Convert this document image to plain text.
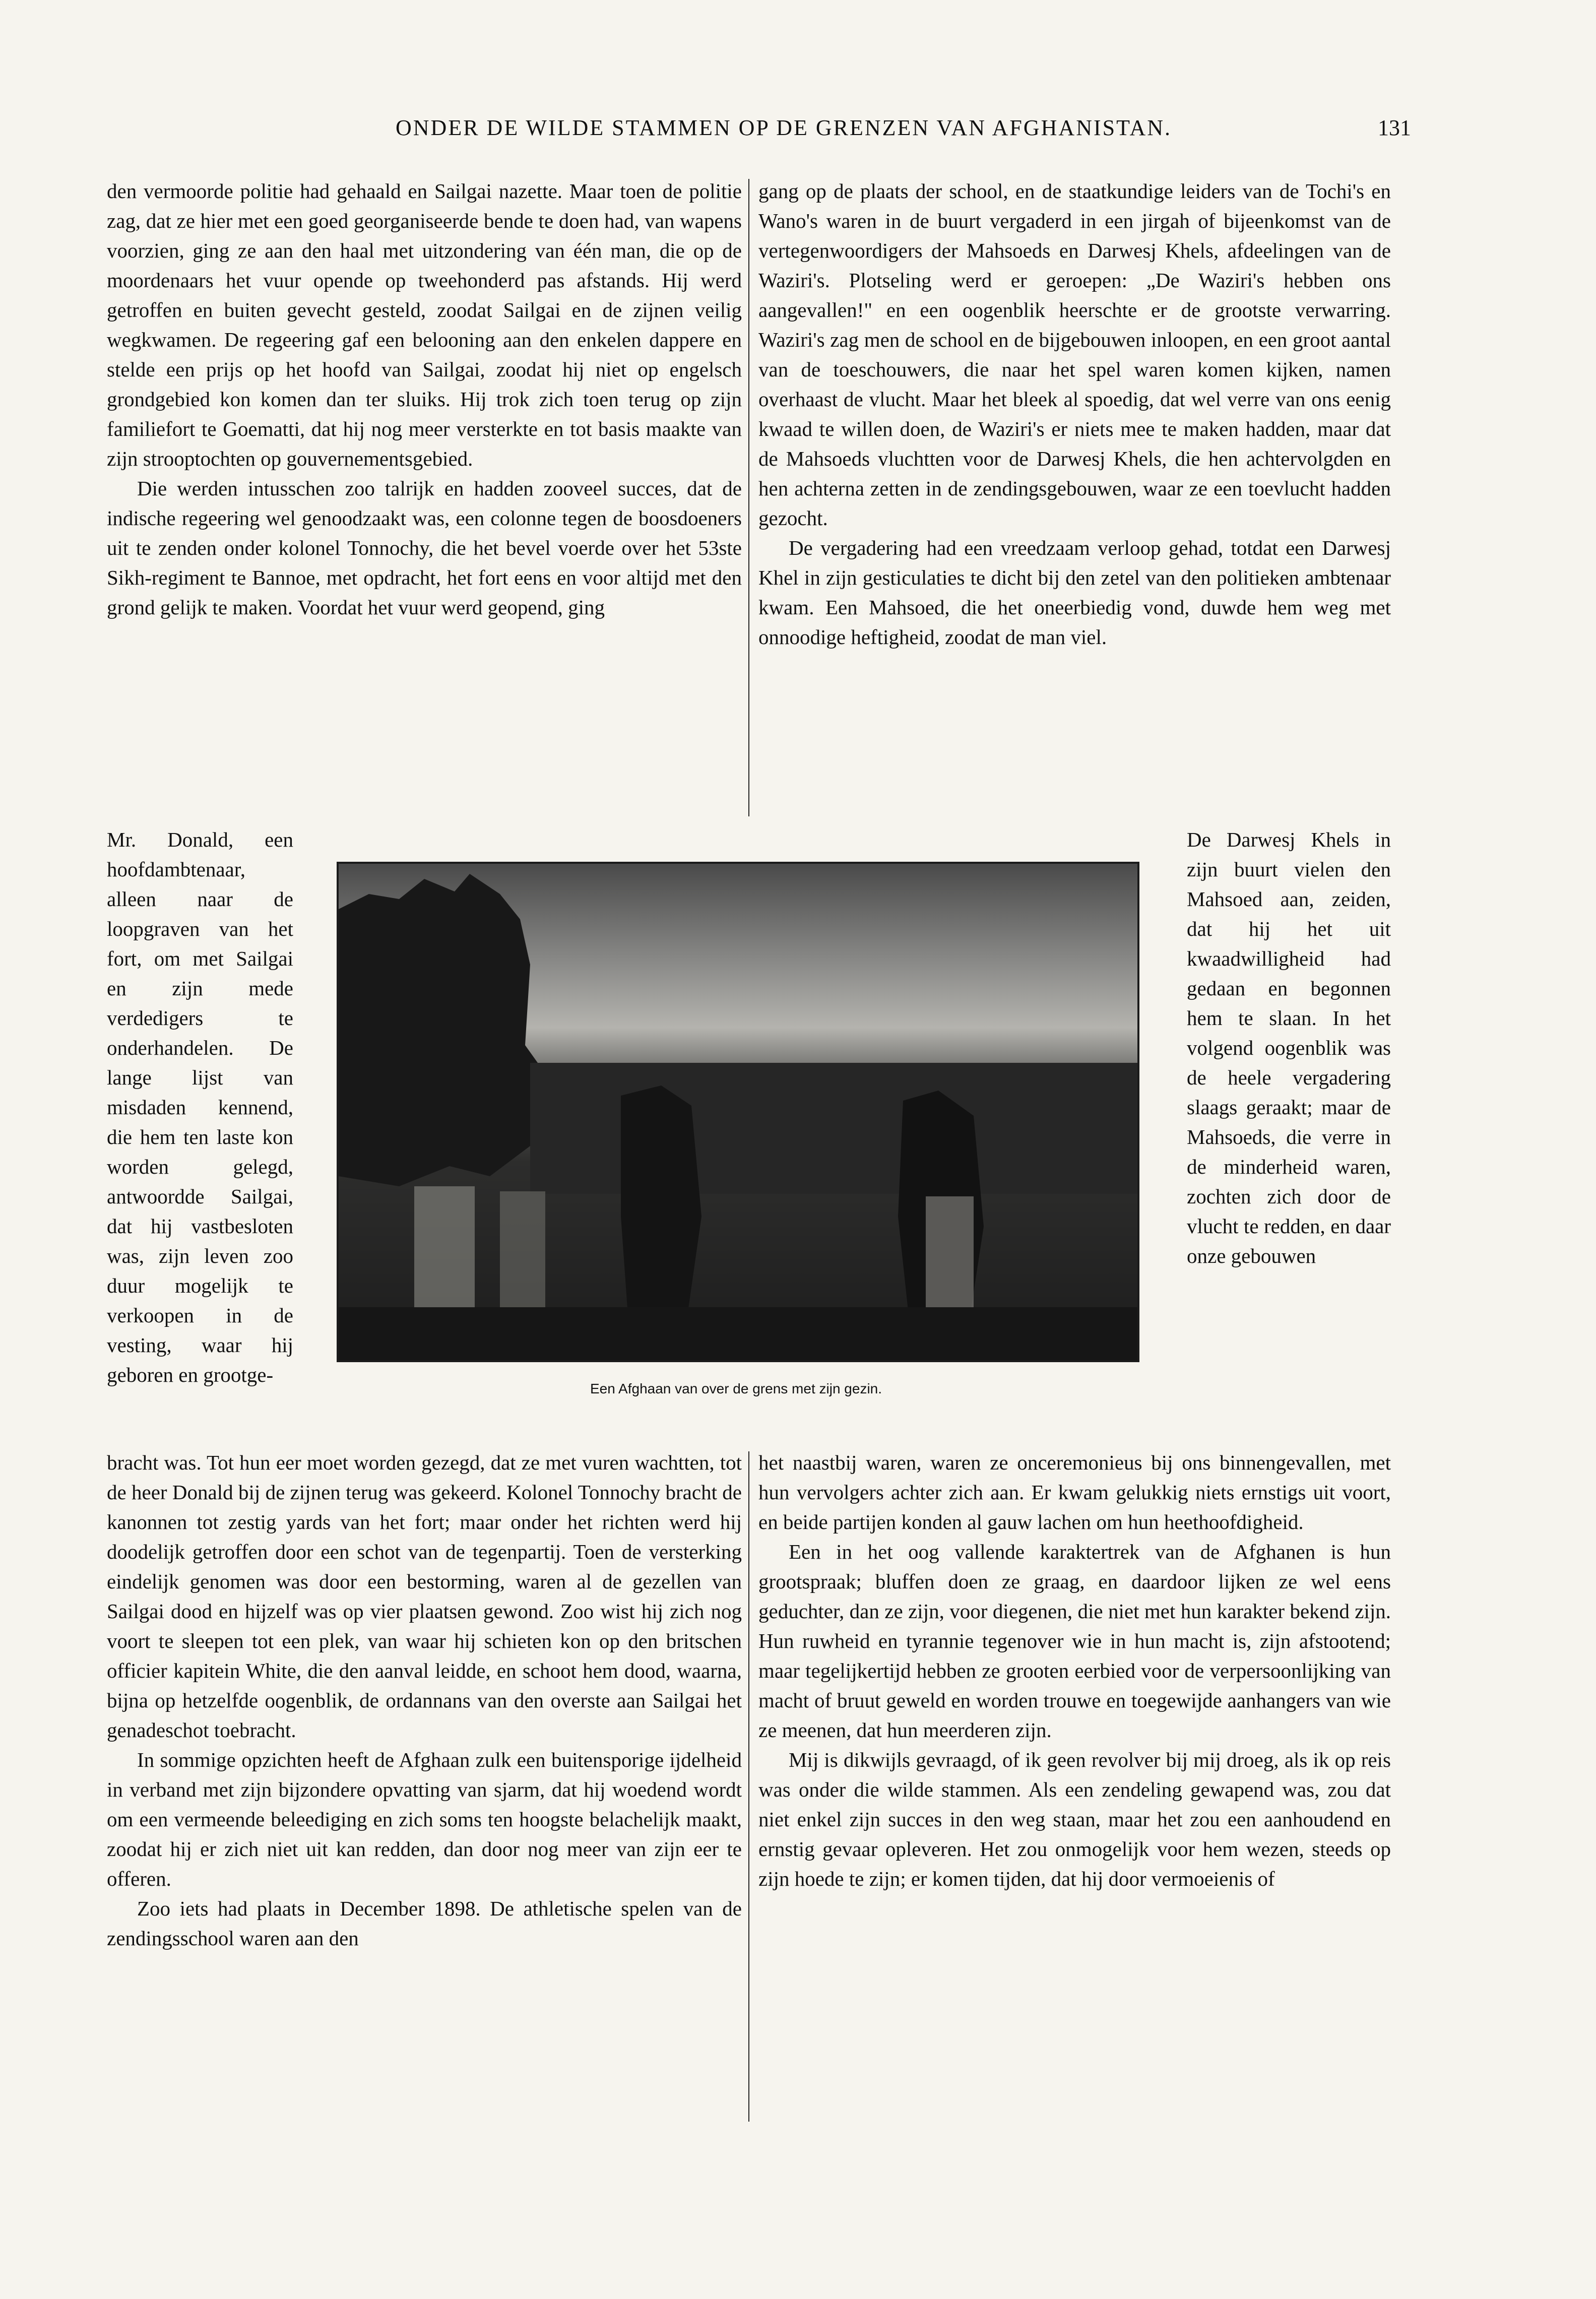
ONDER DE WILDE STAMMEN OP DE GRENZEN VAN AFGHANISTAN.	131

den vermoorde politie had gehaald en Sailgai nazette. Maar toen de politie zag, dat ze hier met een goed georganiseerde bende te doen had, van wapens voorzien, ging ze aan den haal met uitzondering van één man, die op de moordenaars het vuur opende op tweehonderd pas afstands. Hij werd getroffen en buiten gevecht gesteld, zoodat Sailgai en de zijnen veilig wegkwamen. De regeering gaf een belooning aan den enkelen dappere en stelde een prijs op het hoofd van Sailgai, zoodat hij niet op engelsch grondgebied kon komen dan ter sluiks. Hij trok zich toen terug op zijn familiefort te Goematti, dat hij nog meer versterkte en tot basis maakte van zijn strooptochten op gouvernementsgebied.

Die werden intusschen zoo talrijk en hadden zooveel succes, dat de indische regeering wel genoodzaakt was, een colonne tegen de boosdoeners uit te zenden onder kolonel Tonnochy, die het bevel voerde over het 53ste Sikh-regiment te Bannoe, met opdracht, het fort eens en voor altijd met den grond gelijk te maken. Voordat het vuur werd geopend, ging

Mr. Donald, een hoofdambtenaar, alleen naar de loopgraven van het fort, om met Sailgai en zijn mede verdedigers te onderhandelen. De lange lijst van misdaden kennend, die hem ten laste kon worden gelegd, antwoordde Sailgai, dat hij vastbesloten was, zijn leven zoo duur mogelijk te verkoopen in de vesting, waar hij geboren en grootge-

bracht was. Tot hun eer moet worden gezegd, dat ze met vuren wachtten, tot de heer Donald bij de zijnen terug was gekeerd. Kolonel Tonnochy bracht de kanonnen tot zestig yards van het fort; maar onder het richten werd hij doodelijk getroffen door een schot van de tegenpartij. Toen de versterking eindelijk genomen was door een bestorming, waren al de gezellen van Sailgai dood en hijzelf was op vier plaatsen gewond. Zoo wist hij zich nog voort te sleepen tot een plek, van waar hij schieten kon op den britschen officier kapitein White, die den aanval leidde, en schoot hem dood, waarna, bijna op hetzelfde oogenblik, de ordannans van den overste aan Sailgai het genadeschot toebracht.

In sommige opzichten heeft de Afghaan zulk een buitensporige ijdelheid in verband met zijn bijzondere opvatting van sjarm, dat hij woedend wordt om een vermeende beleediging en zich soms ten hoogste belachelijk maakt, zoodat hij er zich niet uit kan redden, dan door nog meer van zijn eer te offeren.

Zoo iets had plaats in December 1898. De athletische spelen van de zendingsschool waren aan den

gang op de plaats der school, en de staatkundige leiders van de Tochi's en Wano's waren in de buurt vergaderd in een jirgah of bijeenkomst van de vertegenwoordigers der Mahsoeds en Darwesj Khels, afdeelingen van de Waziri's. Plotseling werd er geroepen: „De Waziri's hebben ons aangevallen!" en een oogenblik heerschte er de grootste verwarring. Waziri's zag men de school en de bijgebouwen inloopen, en een groot aantal van de toeschouwers, die naar het spel waren komen kijken, namen overhaast de vlucht. Maar het bleek al spoedig, dat wel verre van ons eenig kwaad te willen doen, de Waziri's er niets mee te maken hadden, maar dat de Mahsoeds vluchtten voor de Darwesj Khels, die hen achtervolgden en hen achterna zetten in de zendingsgebouwen, waar ze een toevlucht hadden gezocht.

De vergadering had een vreedzaam verloop gehad, totdat een Darwesj Khel in zijn gesticulaties te dicht bij den zetel van den politieken ambtenaar kwam. Een Mahsoed, die het oneerbiedig vond, duwde hem weg met onnoodige heftigheid, zoodat de man viel.

De Darwesj Khels in zijn buurt vielen den Mahsoed aan, zeiden, dat hij het uit kwaadwilligheid had gedaan en begonnen hem te slaan. In het volgend oogenblik was de heele vergadering slaags geraakt; maar de Mahsoeds, die verre in de minderheid waren, zochten zich door de vlucht te redden, en daar onze gebouwen

het naastbij waren, waren ze onceremonieus bij ons binnengevallen, met hun vervolgers achter zich aan. Er kwam gelukkig niets ernstigs uit voort, en beide partijen konden al gauw lachen om hun heethoofdigheid.

Een in het oog vallende karaktertrek van de Afghanen is hun grootspraak; bluffen doen ze graag, en daardoor lijken ze wel eens geduchter, dan ze zijn, voor diegenen, die niet met hun karakter bekend zijn. Hun ruwheid en tyrannie tegenover wie in hun macht is, zijn afstootend; maar tegelijkertijd hebben ze grooten eerbied voor de verpersoonlijking van macht of bruut geweld en worden trouwe en toegewijde aanhangers van wie ze meenen, dat hun meerderen zijn.

Mij is dikwijls gevraagd, of ik geen revolver bij mij droeg, als ik op reis was onder die wilde stammen. Als een zendeling gewapend was, zou dat niet enkel zijn succes in den weg staan, maar het zou een aanhoudend en ernstig gevaar opleveren. Het zou onmogelijk voor hem wezen, steeds op zijn hoede te zijn; er komen tijden, dat hij door vermoeienis of

Een Afghaan van over de grens met zijn gezin.
